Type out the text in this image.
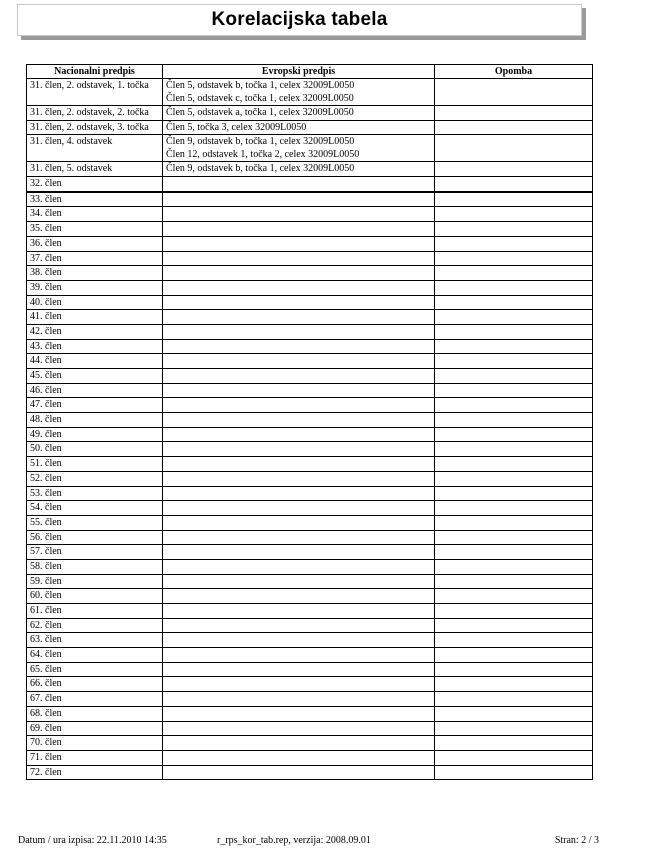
Korelacijska tabela
Nacionalni predpis	Evropski predpis	Opomba
31. člen, 2. odstavek, 1. točka	Člen 5, odstavek b, točka 1, celex 32009L0050
Člen 5, odstavek c, točka 1, celex 32009L0050	

31. člen, 2. odstavek, 2. točka	Člen 5, odstavek a, točka 1, celex 32009L0050	

31. člen, 2. odstavek, 3. točka	Člen 5, točka 3, celex 32009L0050	

31. člen, 4. odstavek	Člen 9, odstavek b, točka 1, celex 32009L0050
Člen 12, odstavek 1, točka 2, celex 32009L0050	

31. člen, 5. odstavek	Člen 9, odstavek b, točka 1, celex 32009L0050	

32. člen		
33. člen		
34. člen		
35. člen		
36. člen		
37. člen		
38. člen		
39. člen		
40. člen		
41. člen		
42. člen		
43. člen		
44. člen		
45. člen		
46. člen		
47. člen		
48. člen		
49. člen		
50. člen		
51. člen		
52. člen		
53. člen		
54. člen		
55. člen		
56. člen		
57. člen		
58. člen		
59. člen		
60. člen		
61. člen		
62. člen		
63. člen		
64. člen		
65. člen		
66. člen		
67. člen		
68. člen		
69. člen		
70. člen		
71. člen		
72. člen		
Datum / ura izpisa: 22.11.2010 14:35	r_rps_kor_tab.rep, verzija: 2008.09.01	Stran: 2 / 3
